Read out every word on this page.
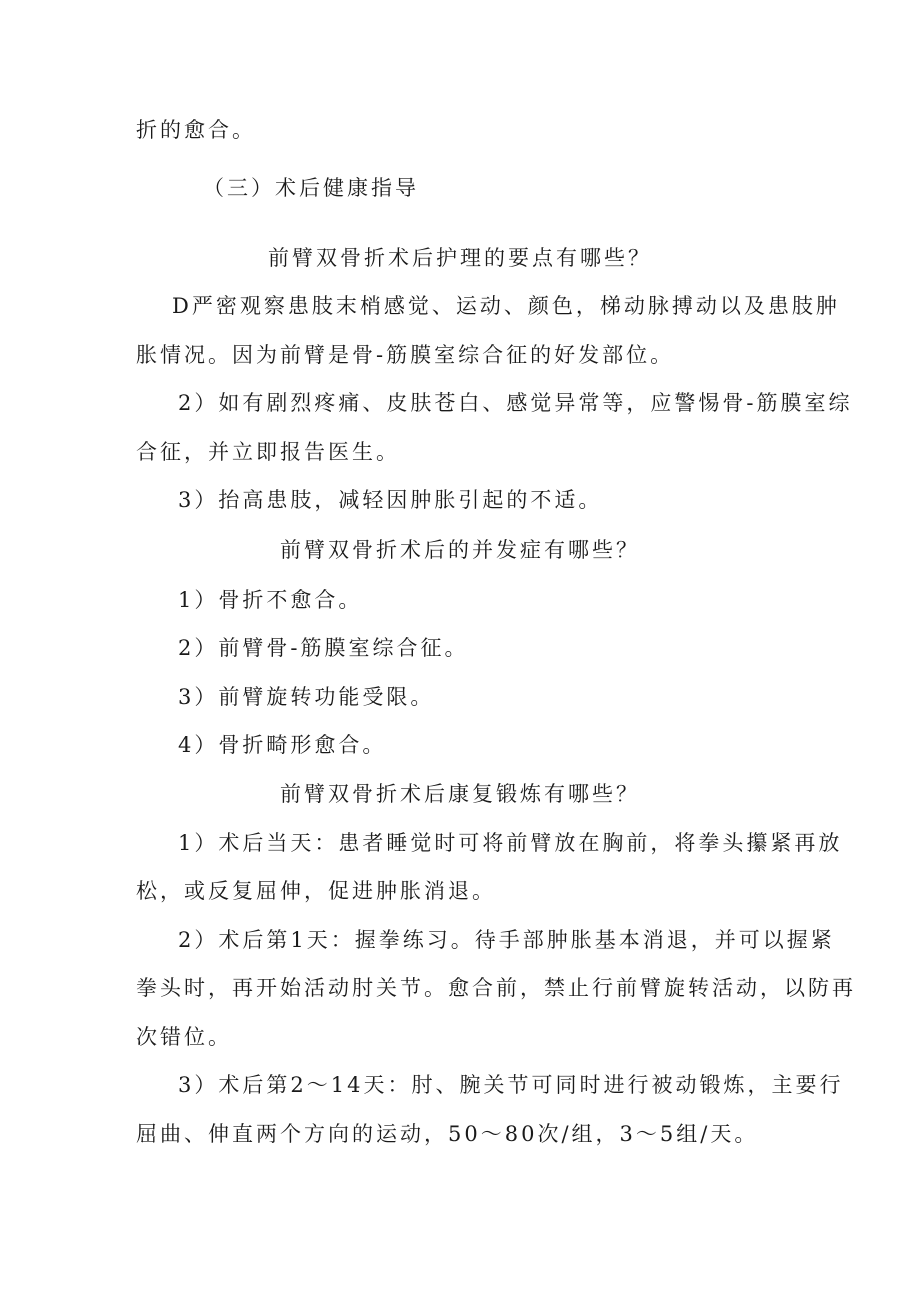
折的愈合。
（三）术后健康指导
前臂双骨折术后护理的要点有哪些？
D严密观察患肢末梢感觉、运动、颜色，梯动脉搏动以及患肢肿
胀情况。因为前臂是骨-筋膜室综合征的好发部位。
2）如有剧烈疼痛、皮肤苍白、感觉异常等，应警惕骨-筋膜室综
合征，并立即报告医生。
3）抬高患肢，减轻因肿胀引起的不适。
前臂双骨折术后的并发症有哪些？
1）骨折不愈合。
2）前臂骨-筋膜室综合征。
3）前臂旋转功能受限。
4）骨折畸形愈合。
前臂双骨折术后康复锻炼有哪些？
1）术后当天：患者睡觉时可将前臂放在胸前，将拳头攥紧再放
松，或反复屈伸，促进肿胀消退。
2）术后第1天：握拳练习。待手部肿胀基本消退，并可以握紧
拳头时，再开始活动肘关节。愈合前，禁止行前臂旋转活动，以防再
次错位。
3）术后第2～14天：肘、腕关节可同时进行被动锻炼，主要行
屈曲、伸直两个方向的运动，50～80次/组，3～5组/天。
